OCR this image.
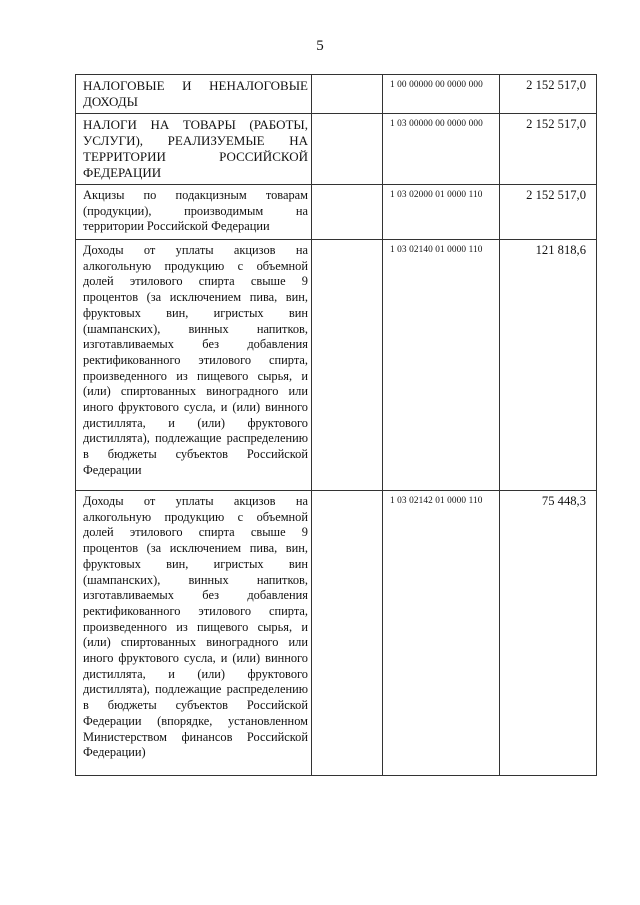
5
НАЛОГОВЫЕ И НЕНАЛОГОВЫЕ ДОХОДЫ		1 00 00000 00 0000 000	2 152 517,0

НАЛОГИ НА ТОВАРЫ (РАБОТЫ, УСЛУГИ), РЕАЛИЗУЕМЫЕ НА ТЕРРИТОРИИ РОССИЙСКОЙ ФЕДЕРАЦИИ		1 03 00000 00 0000 000	2 152 517,0

Акцизы по подакцизным товарам (продукции), производимым на территории Российской Федерации		1 03 02000 01 0000 110	2 152 517,0

Доходы от уплаты акцизов на алкогольную продукцию с объемной долей этилового спирта свыше 9 процентов (за исключением пива, вин, фруктовых вин, игристых вин (шампанских), винных напитков, изготавливаемых без добавления ректификованного этилового спирта, произведенного из пищевого сырья, и (или) спиртованных виноградного или иного фруктового сусла, и (или) винного дистиллята, и (или) фруктового дистиллята), подлежащие распределению в бюджеты субъектов Российской Федерации		1 03 02140 01 0000 110	121 818,6

Доходы от уплаты акцизов на алкогольную продукцию с объемной долей этилового спирта свыше 9 процентов (за исключением пива, вин, фруктовых вин, игристых вин (шампанских), винных напитков, изготавливаемых без добавления ректификованного этилового спирта, произведенного из пищевого сырья, и (или) спиртованных виноградного или иного фруктового сусла, и (или) винного дистиллята, и (или) фруктового дистиллята), подлежащие распределению в бюджеты субъектов Российской Федерации (впорядке, установленном Министерством финансов Российской Федерации)		1 03 02142 01 0000 110	75 448,3
